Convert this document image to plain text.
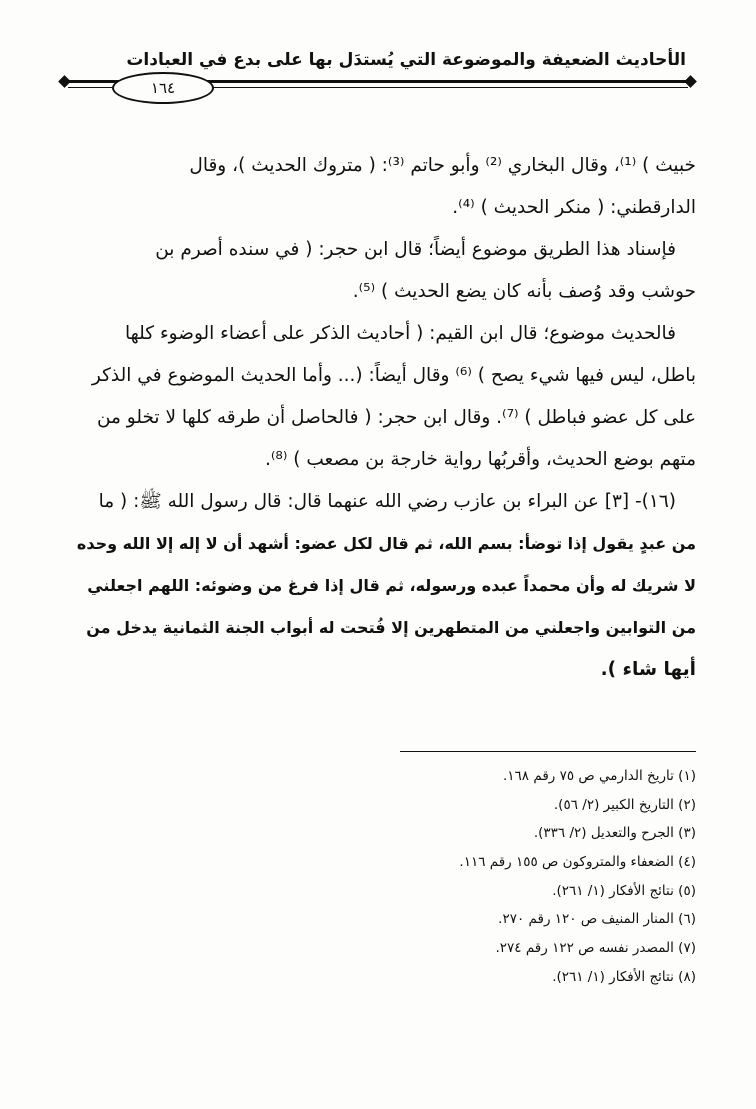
الأحاديث الضعيفة والموضوعة التي يُستدَل بها على بدع في العبادات
١٦٤
خبيث ) ⁽¹⁾، وقال البخاري ⁽²⁾ وأبو حاتم ⁽³⁾: ( متروك الحديث )، وقال
الدارقطني: ( منكر الحديث ) ⁽⁴⁾.
فإسناد هذا الطريق موضوع أيضاً؛ قال ابن حجر: ( في سنده أصرم بن
حوشب وقد وُصف بأنه كان يضع الحديث ) ⁽⁵⁾.
فالحديث موضوع؛ قال ابن القيم: ( أحاديث الذكر على أعضاء الوضوء كلها
باطل، ليس فيها شيء يصح ) ⁽⁶⁾ وقال أيضاً: (... وأما الحديث الموضوع في الذكر
على كل عضو فباطل ) ⁽⁷⁾. وقال ابن حجر: ( فالحاصل أن طرقه كلها لا تخلو من
متهم بوضع الحديث، وأقربُها رواية خارجة بن مصعب ) ⁽⁸⁾.
(١٦)- [٣] عن البراء بن عازب رضي الله عنهما قال: قال رسول الله ﷺ: ( ما
من عبدٍ يقول إذا توضأ: بسم الله، ثم قال لكل عضو: أشهد أن لا إله إلا الله وحده
لا شريك له وأن محمداً عبده ورسوله، ثم قال إذا فرغ من وضوئه: اللهم اجعلني
من التوابين واجعلني من المتطهرين إلا فُتحت له أبواب الجنة الثمانية يدخل من
أيها شاء ).
(١) تاريخ الدارمي ص ٧٥ رقم ١٦٨.
(٢) التاريخ الكبير (٢/ ٥٦).
(٣) الجرح والتعديل (٢/ ٣٣٦).
(٤) الضعفاء والمتروكون ص ١٥٥ رقم ١١٦.
(٥) نتائج الأفكار (١/ ٢٦١).
(٦) المنار المنيف ص ١٢٠ رقم ٢٧٠.
(٧) المصدر نفسه ص ١٢٢ رقم ٢٧٤.
(٨) نتائج الأفكار (١/ ٢٦١).
